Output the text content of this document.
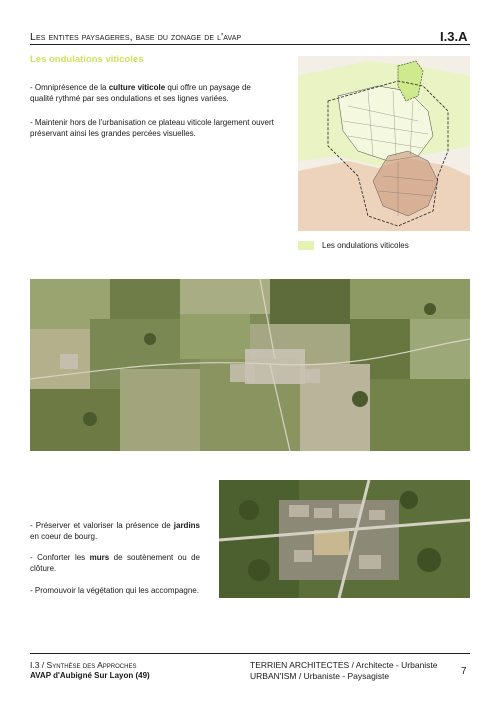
Les entites paysageres, base du zonage de l'avap	I.3.A
Les ondulations viticoles
- Omniprésence de la culture viticole qui offre un paysage de qualité rythmé par ses ondulations et ses lignes variées.
- Maintenir hors de l'urbanisation ce plateau viticole largement ouvert préservant ainsi les grandes percées visuelles.
Les ondulations viticoles
- Préserver et valoriser la présence de jardins en coeur de bourg.
- Conforter les murs de soutènement ou de clôture.
- Promouvoir la végétation qui les accompagne.
I.3 / Synthèse des Approches
AVAP d'Aubigné Sur Layon (49)
TERRIEN ARCHITECTES / Architecte - Urbaniste
URBAN'ISM / Urbaniste - Paysagiste	7
